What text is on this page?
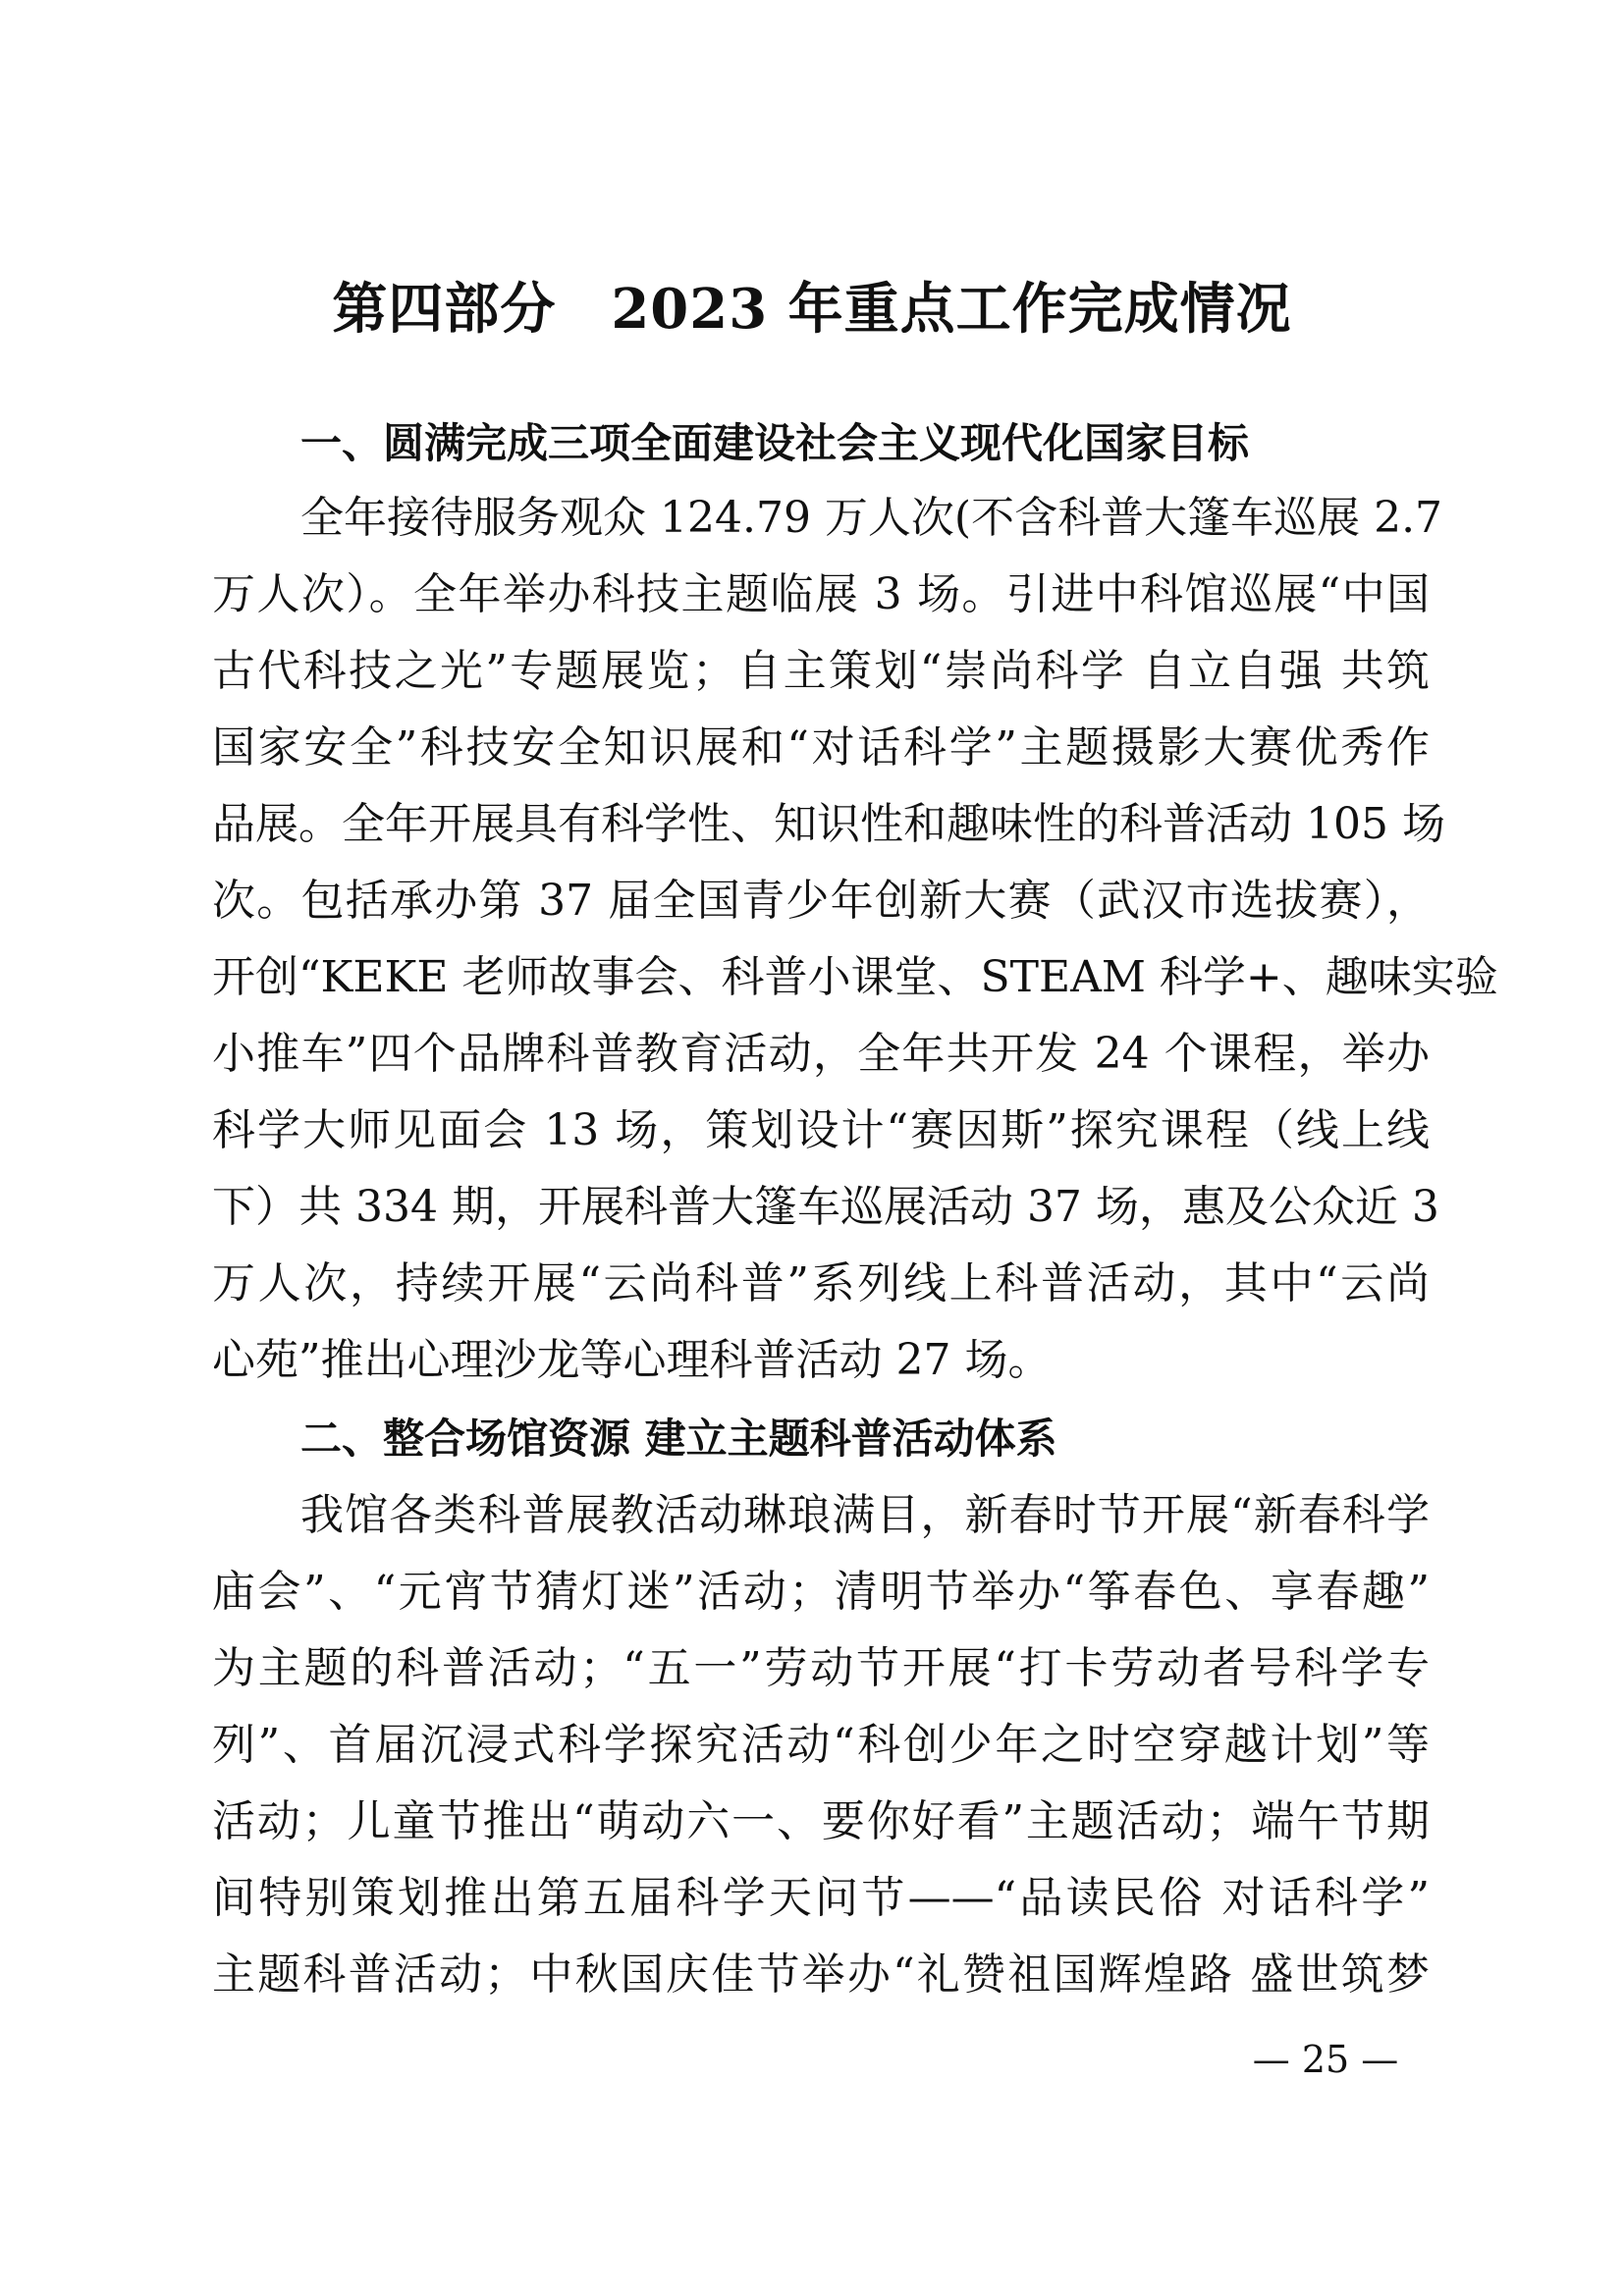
第四部分 2023 年重点工作完成情况
一、圆满完成三项全面建设社会主义现代化国家目标
全年接待服务观众 124.79 万人次(不含科普大篷车巡展 2.7
万人次）。全年举办科技主题临展 3 场。引进中科馆巡展“中国
古代科技之光”专题展览；自主策划“崇尚科学 自立自强 共筑
国家安全”科技安全知识展和“对话科学”主题摄影大赛优秀作
品展。全年开展具有科学性、知识性和趣味性的科普活动 105 场
次。包括承办第 37 届全国青少年创新大赛（武汉市选拔赛），
开创“KEKE 老师故事会、科普小课堂、STEAM 科学+、趣味实验
小推车”四个品牌科普教育活动，全年共开发 24 个课程，举办
科学大师见面会 13 场，策划设计“赛因斯”探究课程（线上线
下）共 334 期，开展科普大篷车巡展活动 37 场，惠及公众近 3
万人次，持续开展“云尚科普”系列线上科普活动，其中“云尚
心苑”推出心理沙龙等心理科普活动 27 场。
二、整合场馆资源 建立主题科普活动体系
我馆各类科普展教活动琳琅满目，新春时节开展“新春科学
庙会”、“元宵节猜灯迷”活动；清明节举办“筝春色、享春趣”
为主题的科普活动；“五一”劳动节开展“打卡劳动者号科学专
列”、首届沉浸式科学探究活动“科创少年之时空穿越计划”等
活动；儿童节推出“萌动六一、要你好看”主题活动；端午节期
间特别策划推出第五届科学天问节——“品读民俗 对话科学”
主题科普活动；中秋国庆佳节举办“礼赞祖国辉煌路 盛世筑梦
— 25 —
